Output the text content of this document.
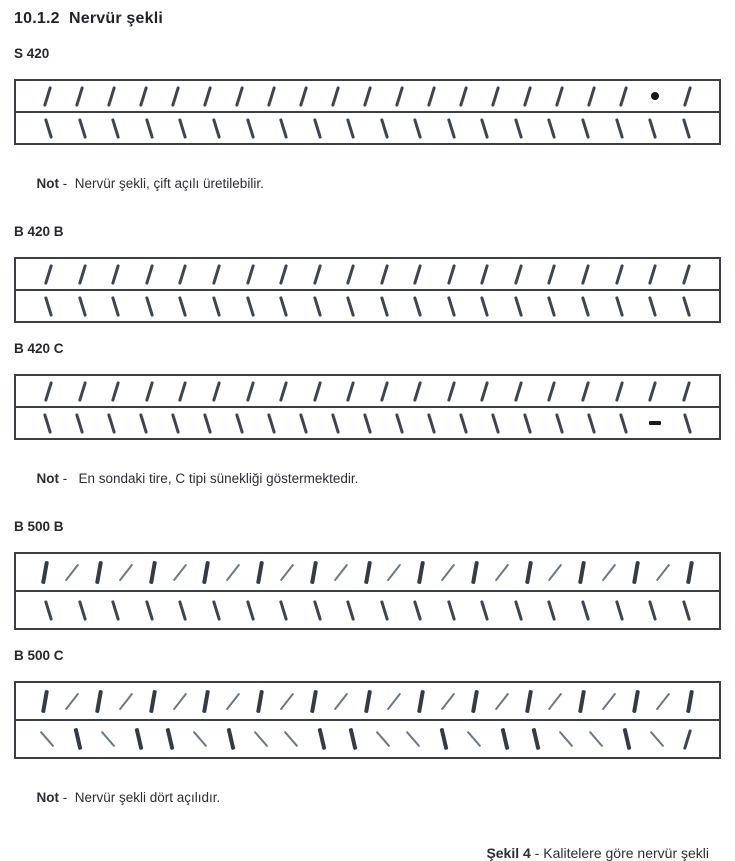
10.1.2  Nervür şekli
S 420

Not -  Nervür şekli, çift açılı üretilebilir.

B 420 B
B 420 C

Not -   En sondaki tire, C tipi sünekliği göstermektedir.

B 500 B
B 500 C

Not -  Nervür şekli dört açılıdır.

Şekil 4 - Kalitelere göre nervür şekli
